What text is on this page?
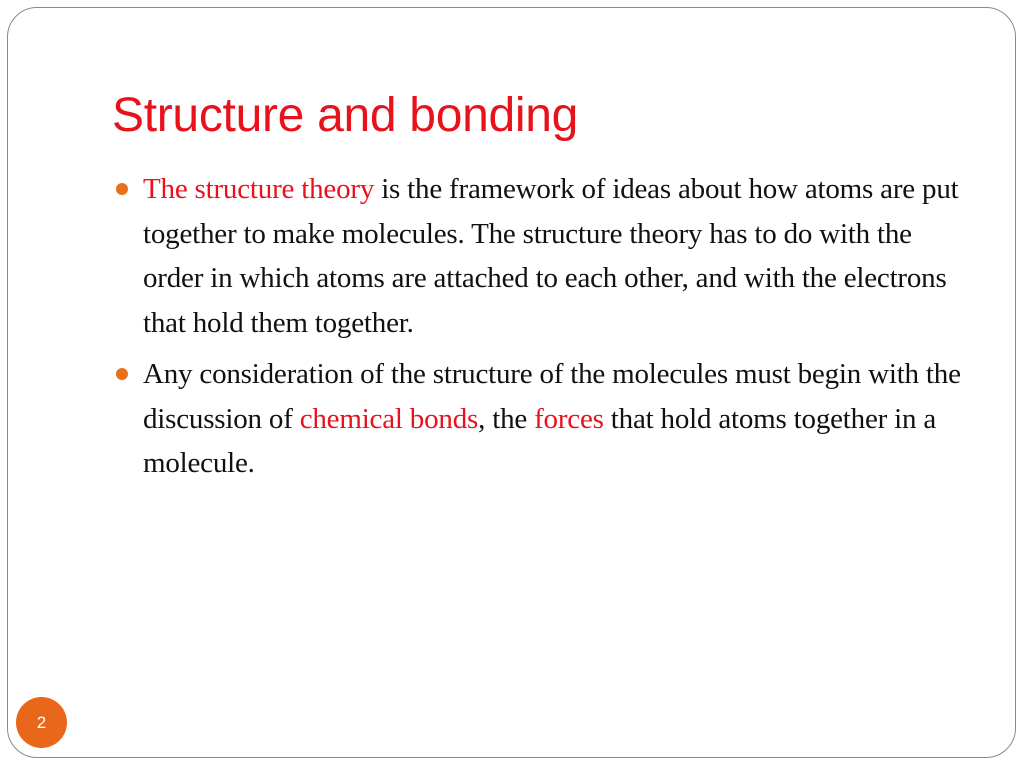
Structure and bonding
The structure theory is the framework of ideas about how atoms are put together to make molecules. The structure theory has to do with the order in which atoms are attached to each other, and with the electrons that hold them together.
Any consideration of the structure of the molecules must begin with the discussion of chemical bonds, the forces that hold atoms together in a molecule.
2
